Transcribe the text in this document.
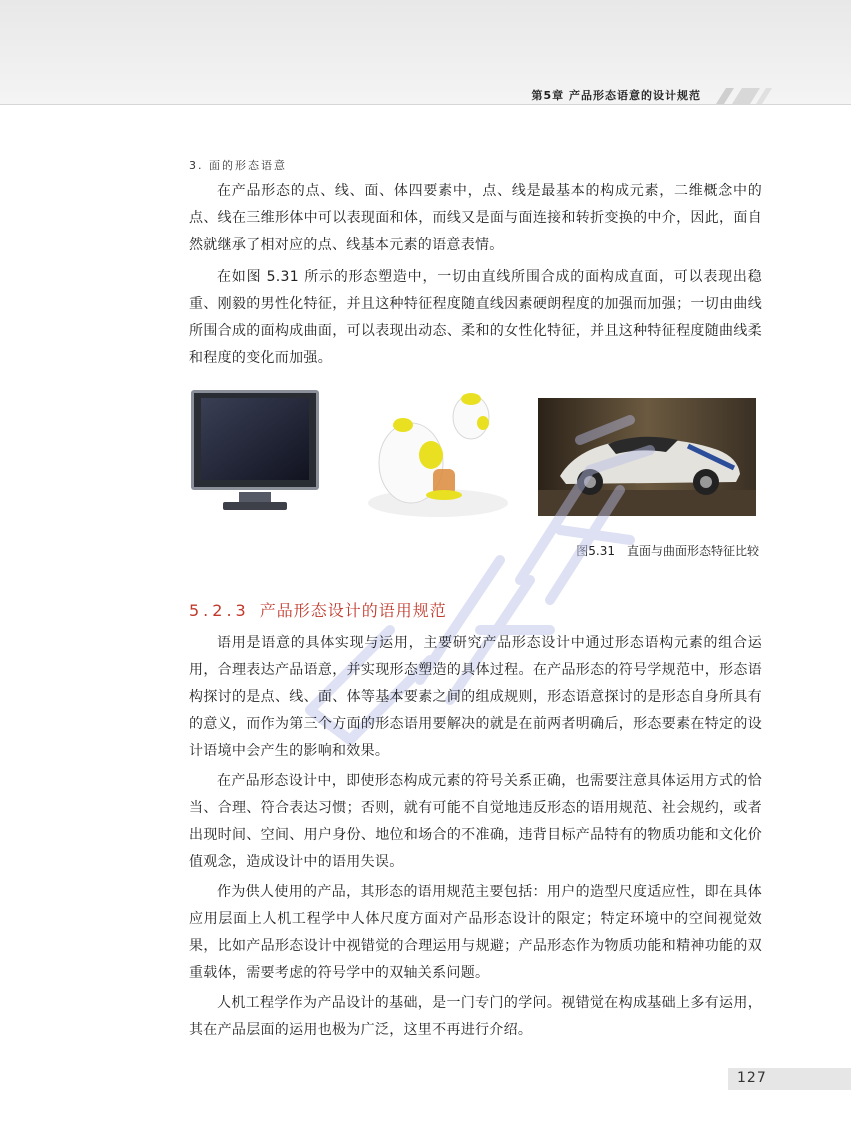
第5章 产品形态语意的设计规范
3. 面的形态语意

在产品形态的点、线、面、体四要素中，点、线是最基本的构成元素，二维概念中的点、线在三维形体中可以表现面和体，而线又是面与面连接和转折变换的中介，因此，面自然就继承了相对应的点、线基本元素的语意表情。

在如图 5.31 所示的形态塑造中，一切由直线所围合成的面构成直面，可以表现出稳重、刚毅的男性化特征，并且这种特征程度随直线因素硬朗程度的加强而加强；一切由曲线所围合成的面构成曲面，可以表现出动态、柔和的女性化特征，并且这种特征程度随曲线柔和程度的变化而加强。

图5.31 直面与曲面形态特征比较
5.2.3 产品形态设计的语用规范

语用是语意的具体实现与运用，主要研究产品形态设计中通过形态语构元素的组合运用，合理表达产品语意，并实现形态塑造的具体过程。在产品形态的符号学规范中，形态语构探讨的是点、线、面、体等基本要素之间的组成规则，形态语意探讨的是形态自身所具有的意义，而作为第三个方面的形态语用要解决的就是在前两者明确后，形态要素在特定的设计语境中会产生的影响和效果。

在产品形态设计中，即使形态构成元素的符号关系正确，也需要注意具体运用方式的恰当、合理、符合表达习惯；否则，就有可能不自觉地违反形态的语用规范、社会规约，或者出现时间、空间、用户身份、地位和场合的不准确，违背目标产品特有的物质功能和文化价值观念，造成设计中的语用失误。

作为供人使用的产品，其形态的语用规范主要包括：用户的造型尺度适应性，即在具体应用层面上人机工程学中人体尺度方面对产品形态设计的限定；特定环境中的空间视觉效果，比如产品形态设计中视错觉的合理运用与规避；产品形态作为物质功能和精神功能的双重载体，需要考虑的符号学中的双轴关系问题。

人机工程学作为产品设计的基础，是一门专门的学问。视错觉在构成基础上多有运用，其在产品层面的运用也极为广泛，这里不再进行介绍。

127
